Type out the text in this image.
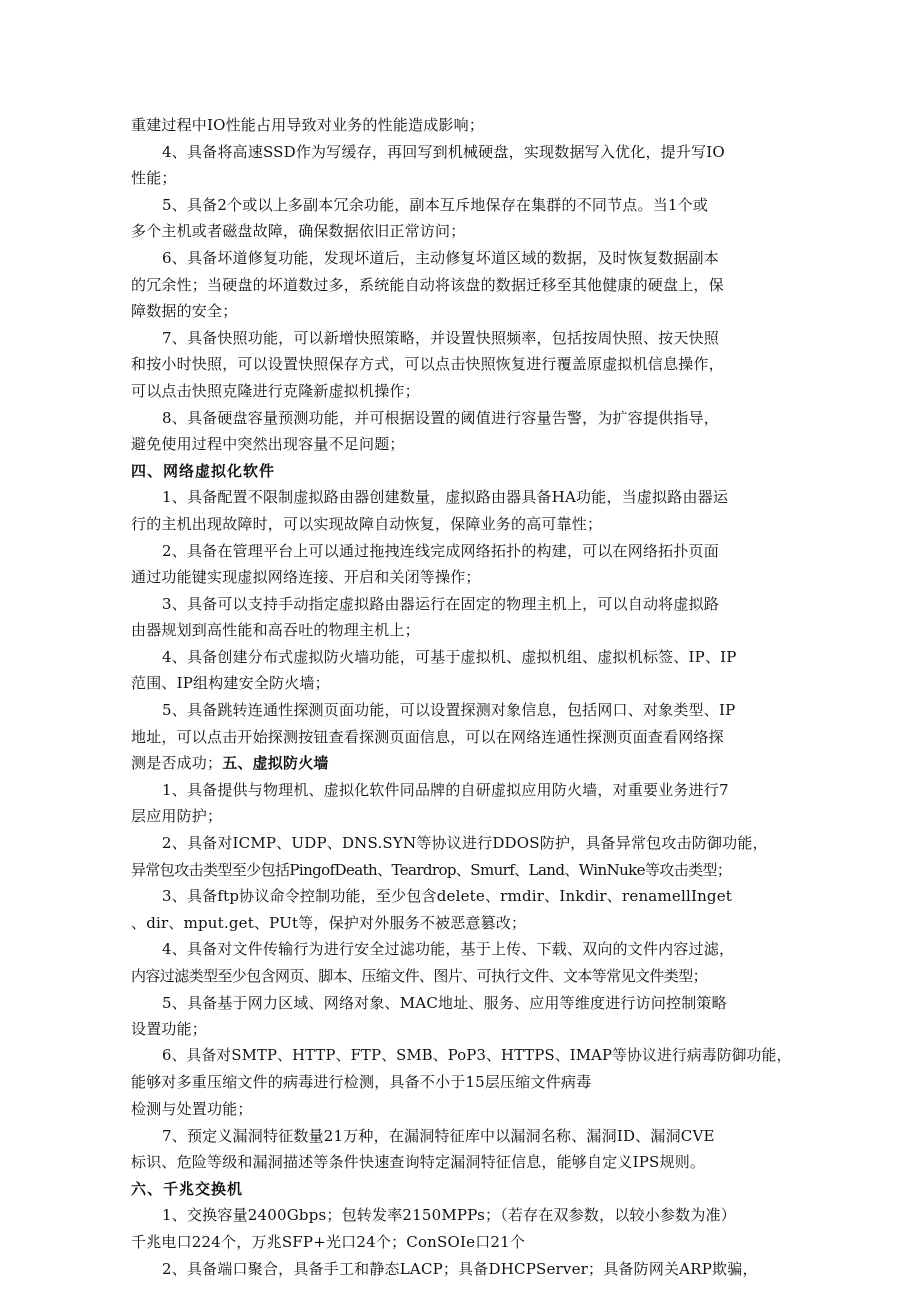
重建过程中IO性能占用导致对业务的性能造成影响；
4、具备将高速SSD作为写缓存，再回写到机械硬盘，实现数据写入优化，提升写IO
性能；
5、具备2个或以上多副本冗余功能，副本互斥地保存在集群的不同节点。当1个或
多个主机或者磁盘故障，确保数据依旧正常访问；
6、具备坏道修复功能，发现坏道后，主动修复坏道区域的数据，及时恢复数据副本
的冗余性；当硬盘的坏道数过多，系统能自动将该盘的数据迁移至其他健康的硬盘上，保
障数据的安全；
7、具备快照功能，可以新增快照策略，并设置快照频率，包括按周快照、按天快照
和按小时快照，可以设置快照保存方式，可以点击快照恢复进行覆盖原虚拟机信息操作，
可以点击快照克隆进行克隆新虚拟机操作；
8、具备硬盘容量预测功能，并可根据设置的阈值进行容量告警，为扩容提供指导，
避免使用过程中突然出现容量不足问题；
四、网络虚拟化软件
1、具备配置不限制虚拟路由器创建数量，虚拟路由器具备HA功能，当虚拟路由器运
行的主机出现故障时，可以实现故障自动恢复，保障业务的高可靠性；
2、具备在管理平台上可以通过拖拽连线完成网络拓扑的构建，可以在网络拓扑页面
通过功能键实现虚拟网络连接、开启和关闭等操作；
3、具备可以支持手动指定虚拟路由器运行在固定的物理主机上，可以自动将虚拟路
由器规划到高性能和高吞吐的物理主机上；
4、具备创建分布式虚拟防火墙功能，可基于虚拟机、虚拟机组、虚拟机标签、IP、IP
范围、IP组构建安全防火墙；
5、具备跳转连通性探测页面功能，可以设置探测对象信息，包括网口、对象类型、IP
地址，可以点击开始探测按钮查看探测页面信息，可以在网络连通性探测页面查看网络探
测是否成功；五、虚拟防火墙
1、具备提供与物理机、虚拟化软件同品牌的自研虚拟应用防火墙，对重要业务进行7
层应用防护；
2、具备对ICMP、UDP、DNS.SYN等协议进行DDOS防护，具备异常包攻击防御功能，
异常包攻击类型至少包括PingofDeath、Teardrop、Smurf、Land、WinNuke等攻击类型；
3、具备ftp协议命令控制功能，至少包含delete、rmdir、Inkdir、renamellInget
、dir、mput.get、PUt等，保护对外服务不被恶意篡改；
4、具备对文件传输行为进行安全过滤功能，基于上传、下载、双向的文件内容过滤，
内容过滤类型至少包含网页、脚本、压缩文件、图片、可执行文件、文本等常见文件类型；
5、具备基于网力区域、网络对象、MAC地址、服务、应用等维度进行访问控制策略
设置功能；
6、具备对SMTP、HTTP、FTP、SMB、PoP3、HTTPS、IMAP等协议进行病毒防御功能，
能够对多重压缩文件的病毒进行检测，具备不小于15层压缩文件病毒
检测与处置功能；
7、预定义漏洞特征数量21万种，在漏洞特征库中以漏洞名称、漏洞ID、漏洞CVE
标识、危险等级和漏洞描述等条件快速查询特定漏洞特征信息，能够自定义IPS规则。
六、千兆交换机
1、交换容量2400Gbps；包转发率2150MPPs；（若存在双参数，以较小参数为准）
千兆电口224个，万兆SFP+光口24个；ConSOIe口21个
2、具备端口聚合，具备手工和静态LACP；具备DHCPServer；具备防网关ARP欺骗，
